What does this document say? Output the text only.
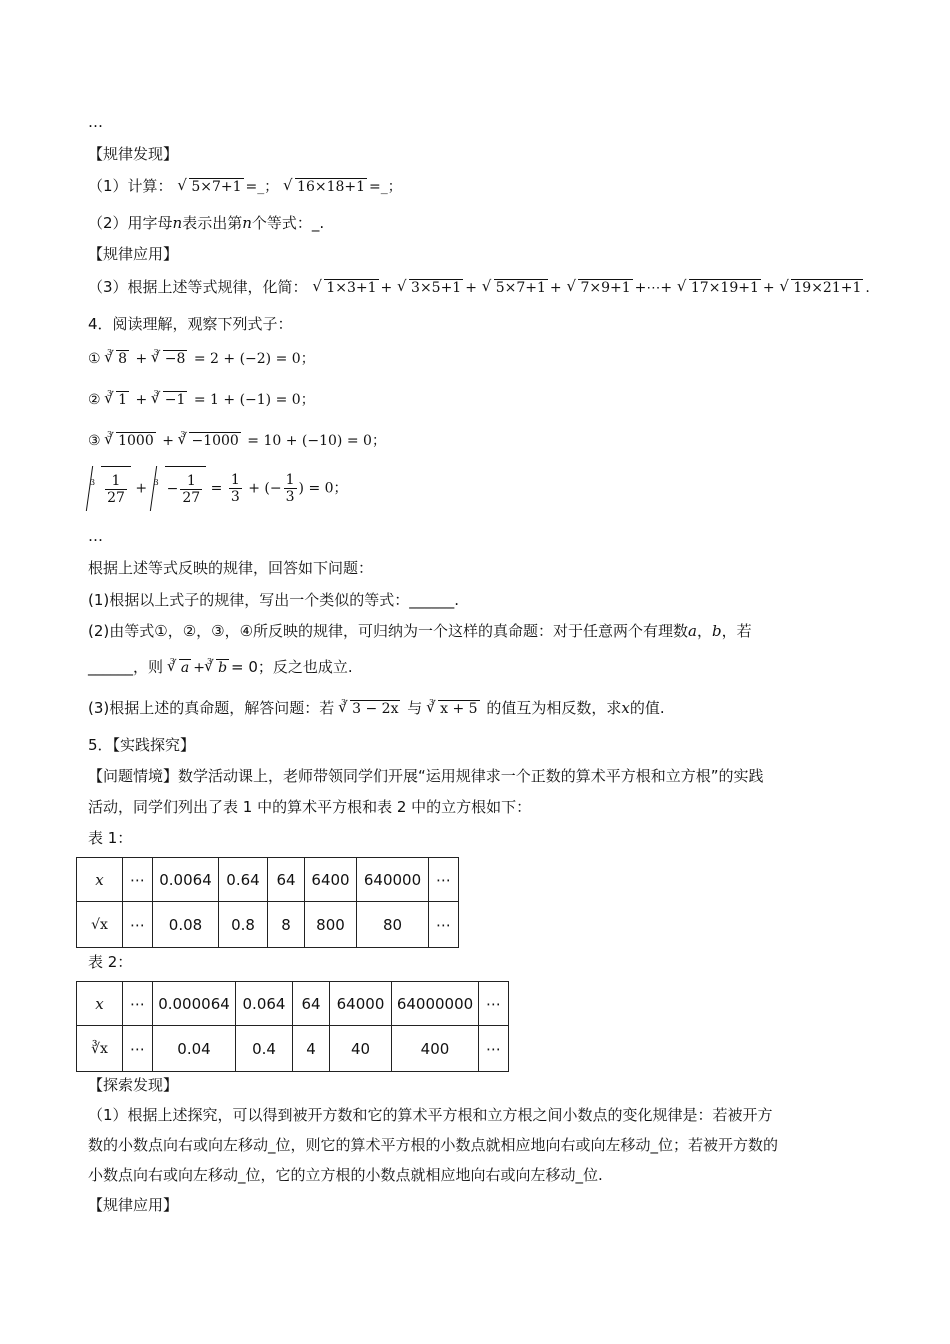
…
【规律发现】
（1）计算： √ 5×7+1 =_； √ 16×18+1 =_；
（2）用字母n表示出第n个等式：_.
【规律应用】
（3）根据上述等式规律，化简： √ 1×3+1 + √ 3×5+1 + √ 5×7+1 + √ 7×9+1 +⋯+ √ 17×19+1 + √ 19×21+1 .
4．阅读理解，观察下列式子：
① $^3$ √ 8 + $^3$ √ −8 = 2 + (−2) = 0；
② $^3$ √ 1 + $^3$ √ −1 = 1 + (−1) = 0；
③ $^3$ √ 1000 + $^3$ √ −1000 = 10 + (−10) = 0；
$^3 \frac{1}{27} + ^3 - \frac{1}{27} = \frac{1}{3}$ + (− $\frac{1}{3}$ ) = 0；
…
根据上述等式反映的规律，回答如下问题：
(1)根据以上式子的规律，写出一个类似的等式：______.
(2)由等式①，②，③，④所反映的规律，可归纳为一个这样的真命题：对于任意两个有理数a，b，若
______，则 $^3$ √ a + $^3$ √ b = 0；反之也成立.
(3)根据上述的真命题，解答问题：若 $^3$ √ 3 − 2x 与 $^3$ √ x + 5 的值互为相反数，求x的值.
5．【实践探究】
【问题情境】数学活动课上，老师带领同学们开展“运用规律求一个正数的算术平方根和立方根”的实践
活动，同学们列出了表 1 中的算术平方根和表 2 中的立方根如下：
表 1：
x	⋯	0.0064	0.64	64	6400	640000	⋯
√x	⋯	0.08	0.8	8	800	80	⋯
表 2：
x	⋯	0.000064	0.064	64	64000	64000000	⋯
∛x	⋯	0.04	0.4	4	40	400	⋯
【探索发现】
（1）根据上述探究，可以得到被开方数和它的算术平方根和立方根之间小数点的变化规律是：若被开方
数的小数点向右或向左移动_位，则它的算术平方根的小数点就相应地向右或向左移动_位；若被开方数的
小数点向右或向左移动_位，它的立方根的小数点就相应地向右或向左移动_位.
【规律应用】
